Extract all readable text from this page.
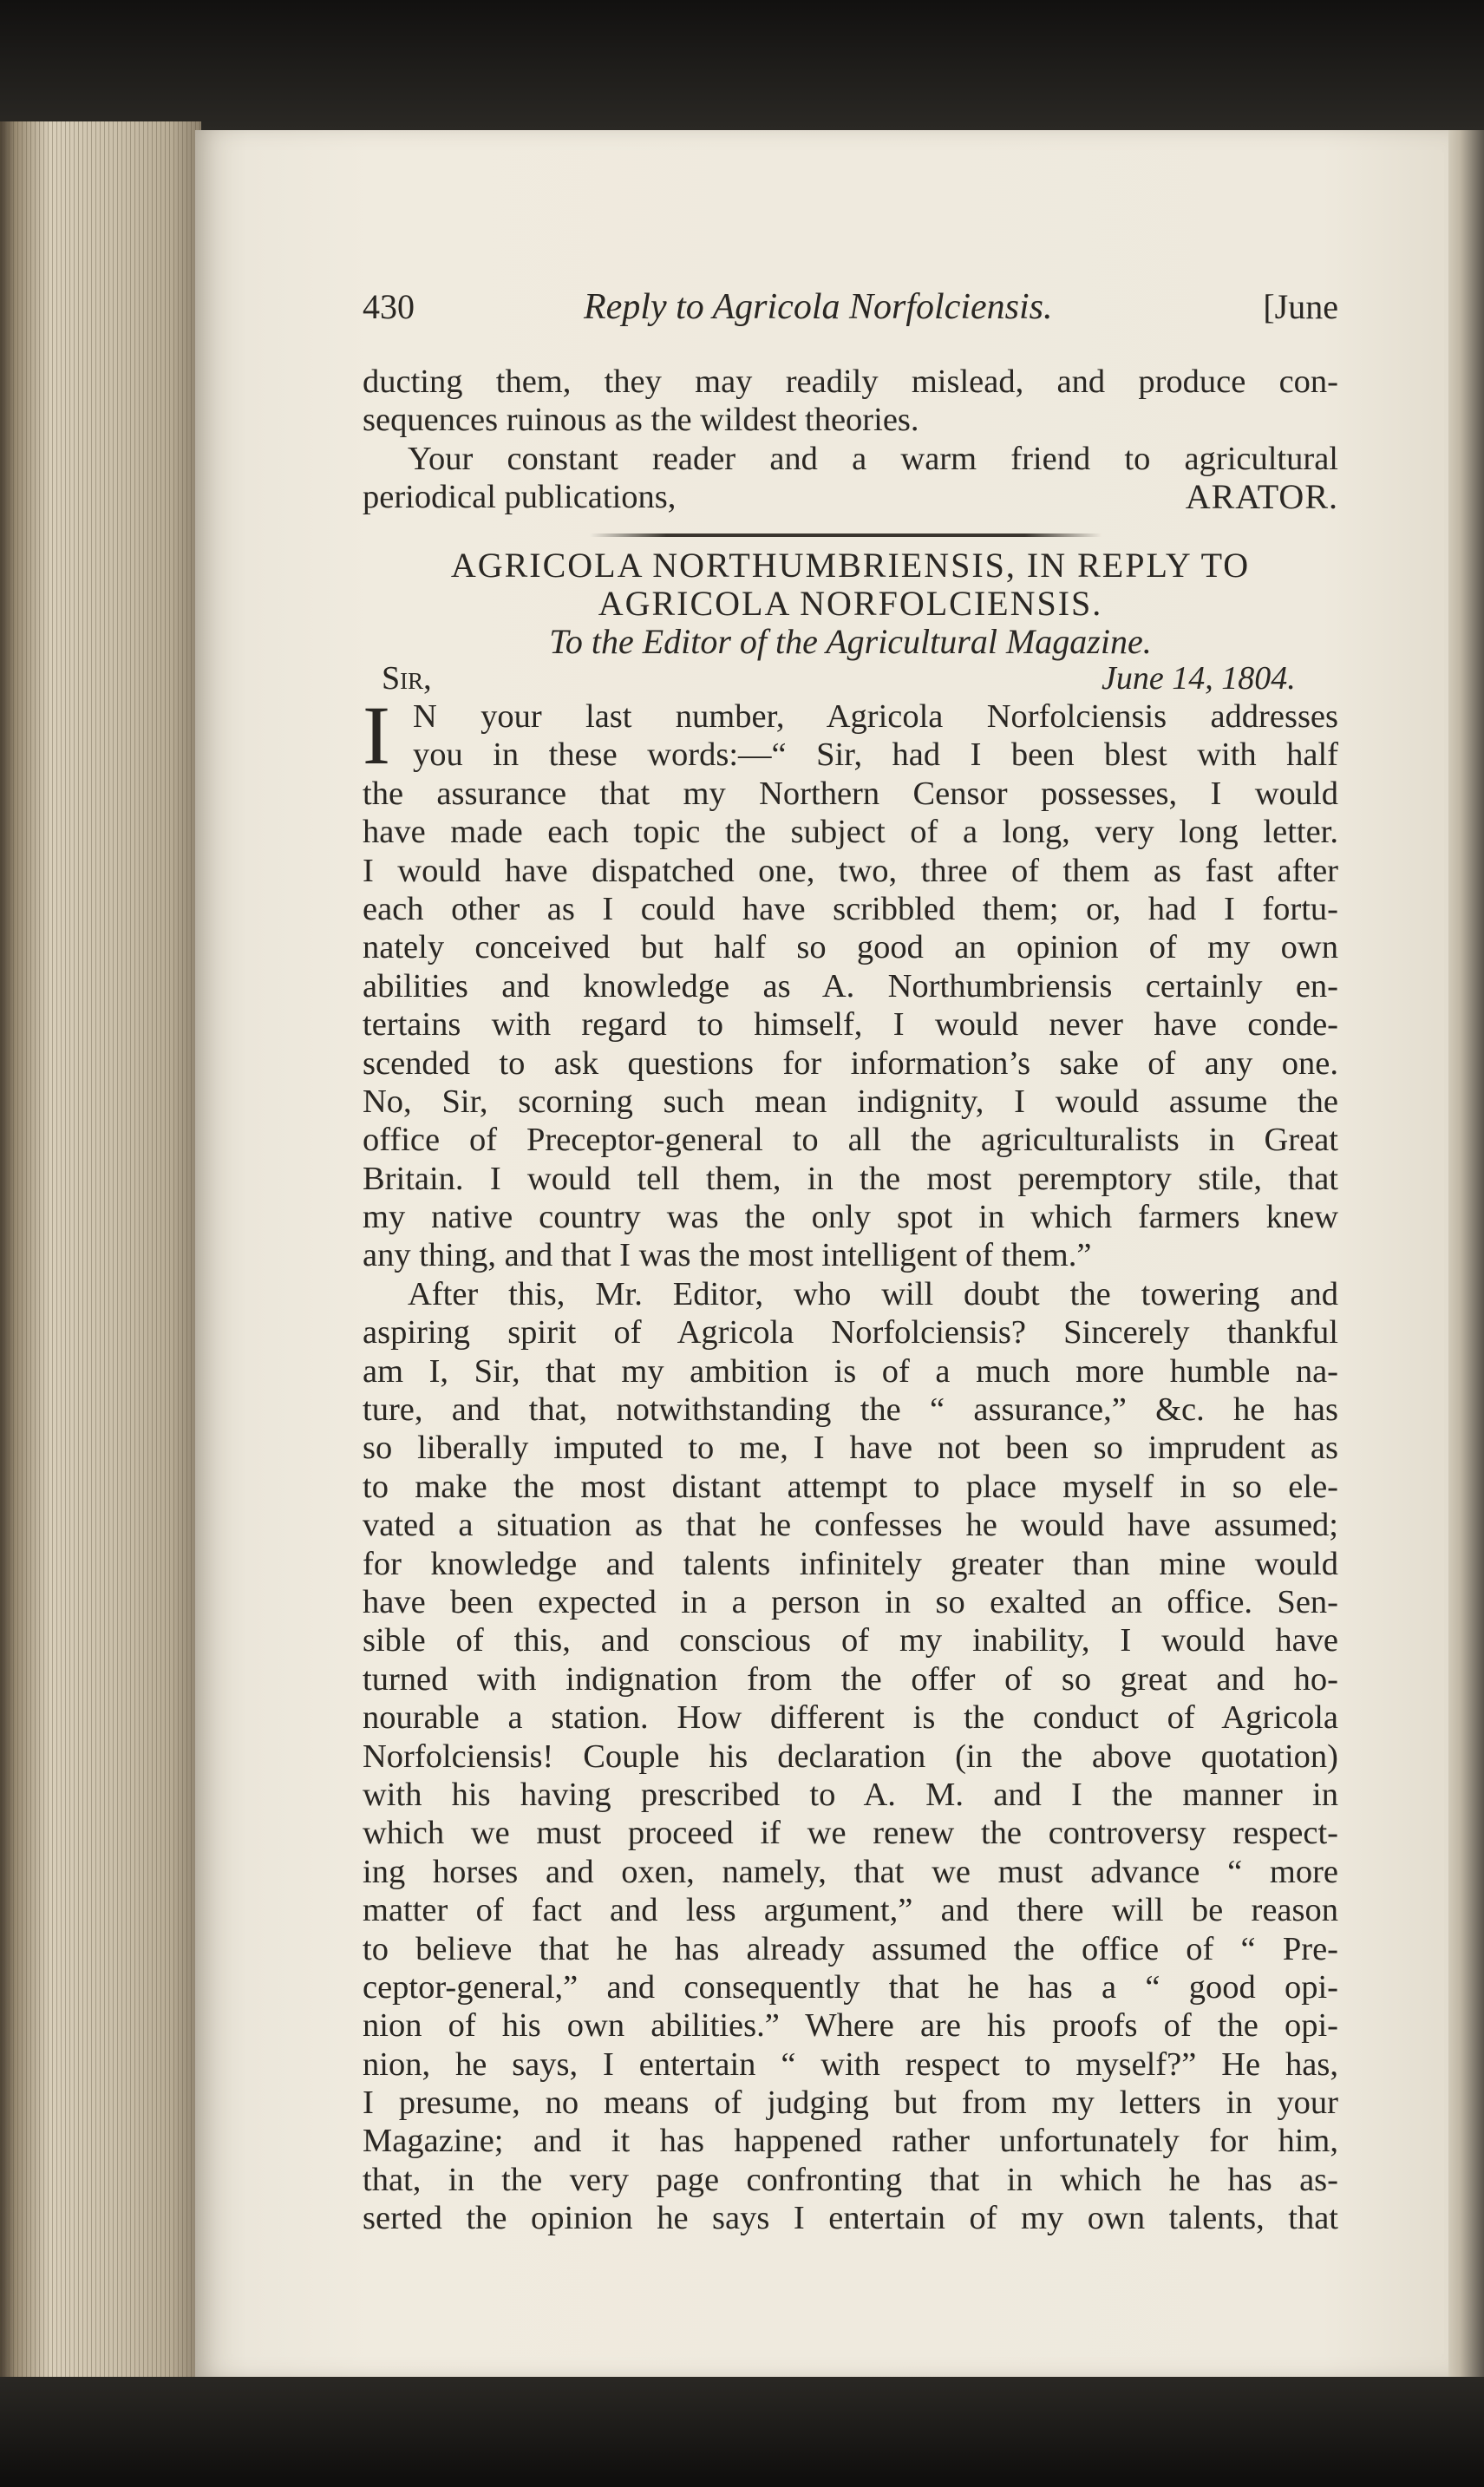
430	Reply to Agricola Norfolciensis.	[June
ducting them, they may readily mislead, and produce con-
sequences ruinous as the wildest theories.
Your constant reader and a warm friend to agricultural
periodical publications,	ARATOR.
AGRICOLA NORTHUMBRIENSIS, IN REPLY TO
AGRICOLA NORFOLCIENSIS.
To the Editor of the Agricultural Magazine.
Sir,	June 14, 1804.
I N your last number, Agricola Norfolciensis addresses
you in these words:—“ Sir, had I been blest with half
the assurance that my Northern Censor possesses, I would
have made each topic the subject of a long, very long letter.
I would have dispatched one, two, three of them as fast after
each other as I could have scribbled them; or, had I fortu-
nately conceived but half so good an opinion of my own
abilities and knowledge as A. Northumbriensis certainly en-
tertains with regard to himself, I would never have conde-
scended to ask questions for information’s sake of any one.
No, Sir, scorning such mean indignity, I would assume the
office of Preceptor-general to all the agriculturalists in Great
Britain. I would tell them, in the most peremptory stile, that
my native country was the only spot in which farmers knew
any thing, and that I was the most intelligent of them.”
After this, Mr. Editor, who will doubt the towering and
aspiring spirit of Agricola Norfolciensis? Sincerely thankful
am I, Sir, that my ambition is of a much more humble na-
ture, and that, notwithstanding the “ assurance,” &c. he has
so liberally imputed to me, I have not been so imprudent as
to make the most distant attempt to place myself in so ele-
vated a situation as that he confesses he would have assumed;
for knowledge and talents infinitely greater than mine would
have been expected in a person in so exalted an office. Sen-
sible of this, and conscious of my inability, I would have
turned with indignation from the offer of so great and ho-
nourable a station. How different is the conduct of Agricola
Norfolciensis! Couple his declaration (in the above quotation)
with his having prescribed to A. M. and I the manner in
which we must proceed if we renew the controversy respect-
ing horses and oxen, namely, that we must advance “ more
matter of fact and less argument,” and there will be reason
to believe that he has already assumed the office of “ Pre-
ceptor-general,” and consequently that he has a “ good opi-
nion of his own abilities.” Where are his proofs of the opi-
nion, he says, I entertain “ with respect to myself?” He has,
I presume, no means of judging but from my letters in your
Magazine; and it has happened rather unfortunately for him,
that, in the very page confronting that in which he has as-
serted the opinion he says I entertain of my own talents, that
